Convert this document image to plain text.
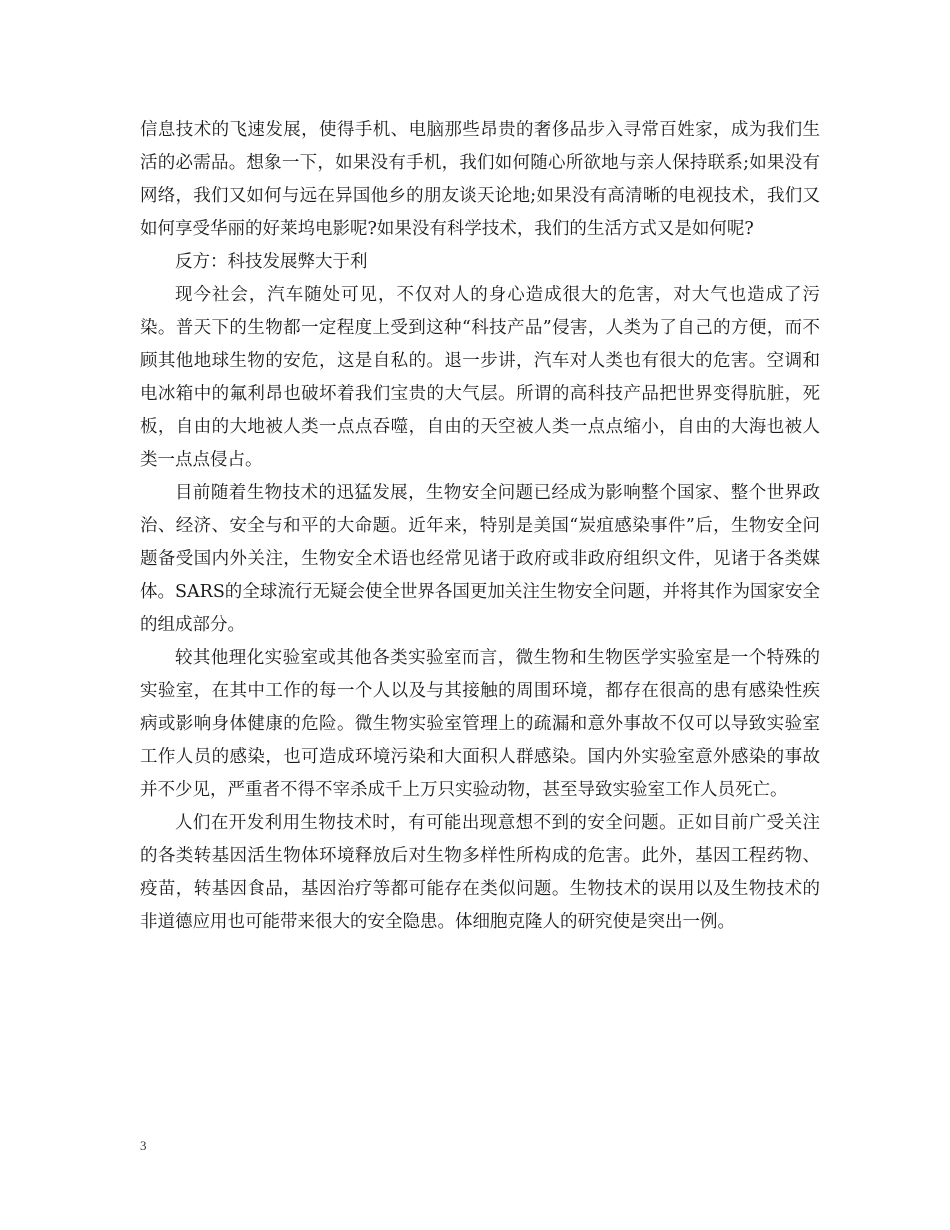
信息技术的飞速发展，使得手机、电脑那些昂贵的奢侈品步入寻常百姓家，成为我们生活的必需品。想象一下，如果没有手机，我们如何随心所欲地与亲人保持联系;如果没有网络，我们又如何与远在异国他乡的朋友谈天论地;如果没有高清晰的电视技术，我们又如何享受华丽的好莱坞电影呢?如果没有科学技术，我们的生活方式又是如何呢?

反方：科技发展弊大于利

现今社会，汽车随处可见，不仅对人的身心造成很大的危害，对大气也造成了污染。普天下的生物都一定程度上受到这种“科技产品”侵害，人类为了自己的方便，而不顾其他地球生物的安危，这是自私的。退一步讲，汽车对人类也有很大的危害。空调和电冰箱中的氟利昂也破坏着我们宝贵的大气层。所谓的高科技产品把世界变得肮脏，死板，自由的大地被人类一点点吞噬，自由的天空被人类一点点缩小，自由的大海也被人类一点点侵占。

目前随着生物技术的迅猛发展，生物安全问题已经成为影响整个国家、整个世界政治、经济、安全与和平的大命题。近年来，特别是美国“炭疽感染事件”后，生物安全问题备受国内外关注，生物安全术语也经常见诸于政府或非政府组织文件，见诸于各类媒体。SARS的全球流行无疑会使全世界各国更加关注生物安全问题，并将其作为国家安全的组成部分。

较其他理化实验室或其他各类实验室而言，微生物和生物医学实验室是一个特殊的实验室，在其中工作的每一个人以及与其接触的周围环境，都存在很高的患有感染性疾病或影响身体健康的危险。微生物实验室管理上的疏漏和意外事故不仅可以导致实验室工作人员的感染，也可造成环境污染和大面积人群感染。国内外实验室意外感染的事故并不少见，严重者不得不宰杀成千上万只实验动物，甚至导致实验室工作人员死亡。

人们在开发利用生物技术时，有可能出现意想不到的安全问题。正如目前广受关注的各类转基因活生物体环境释放后对生物多样性所构成的危害。此外，基因工程药物、疫苗，转基因食品，基因治疗等都可能存在类似问题。生物技术的误用以及生物技术的非道德应用也可能带来很大的安全隐患。体细胞克隆人的研究使是突出一例。

3
